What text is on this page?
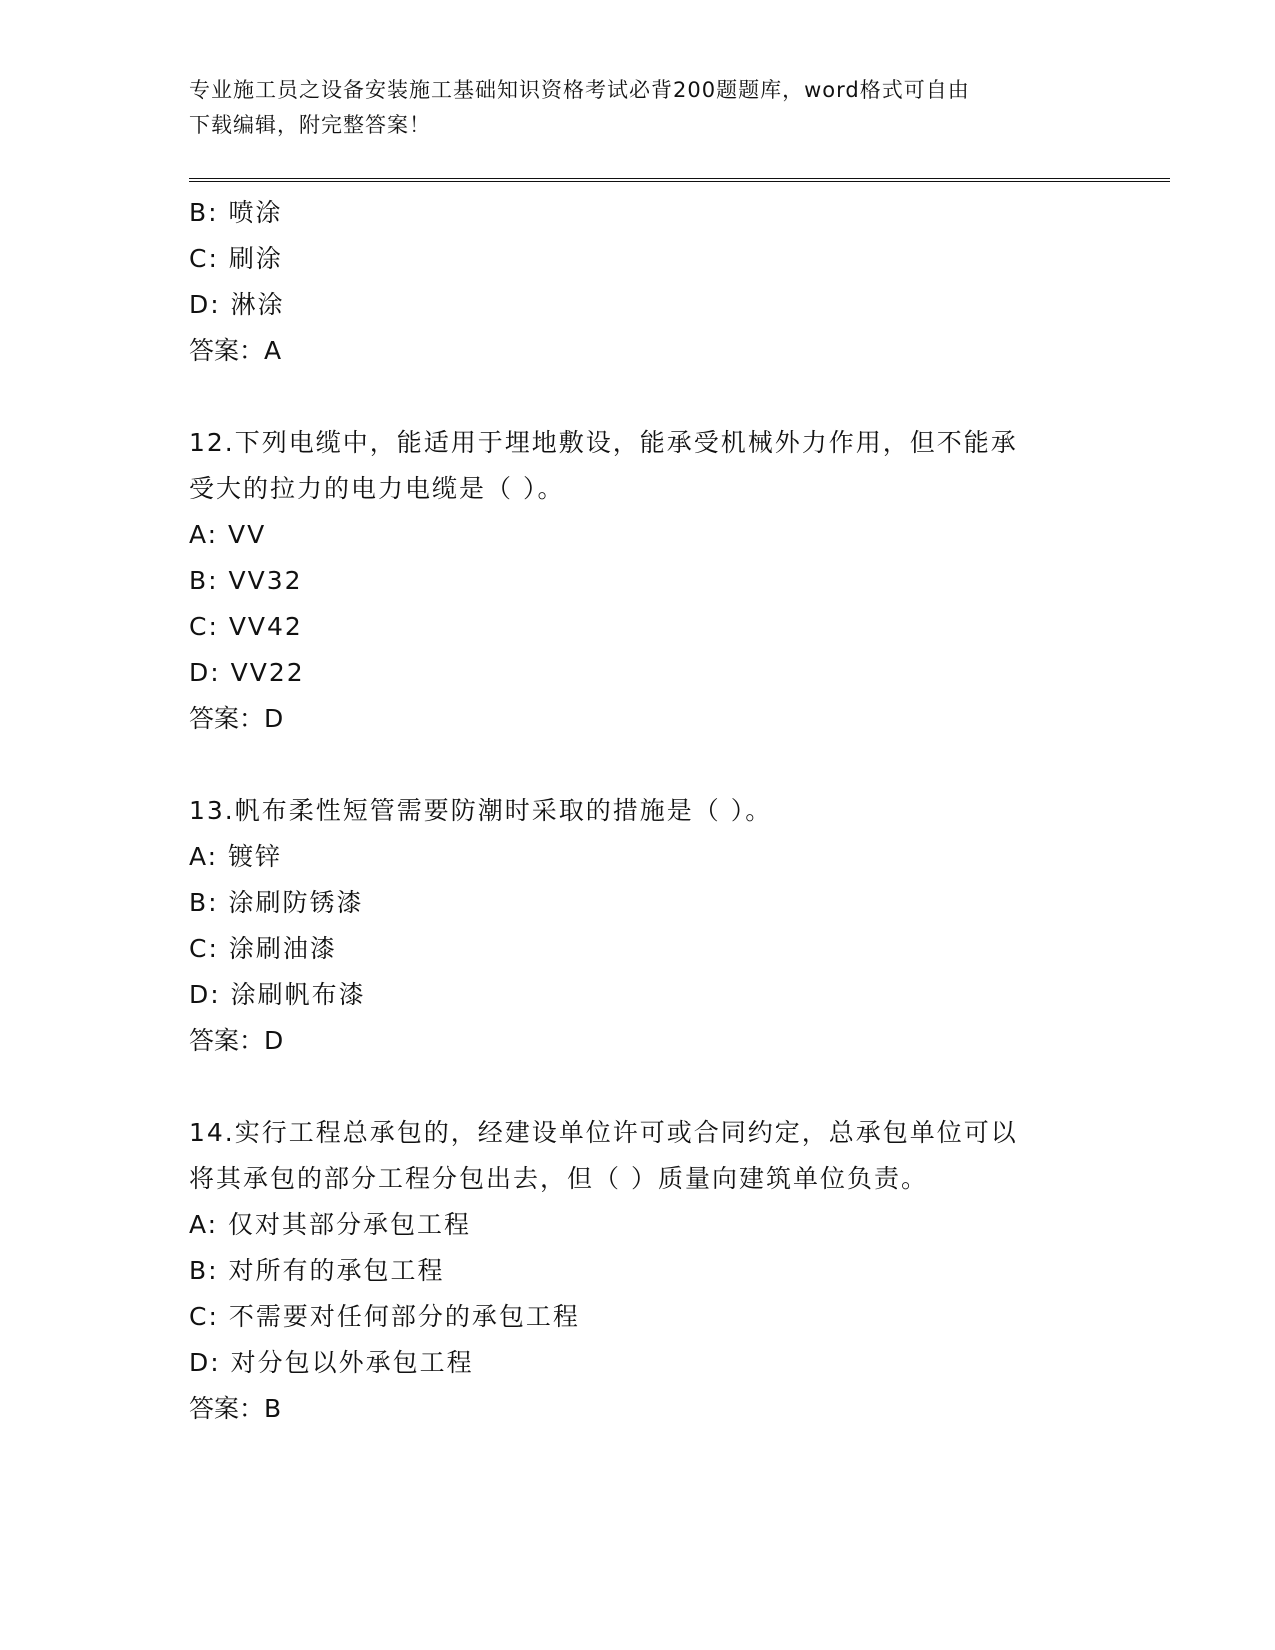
专业施工员之设备安装施工基础知识资格考试必背200题题库，word格式可自由
下载编辑，附完整答案！
B: 喷涂
C: 刷涂
D: 淋涂
答案：A
12.下列电缆中，能适用于埋地敷设，能承受机械外力作用，但不能承
受大的拉力的电力电缆是（ ）。
A: VV
B: VV32
C: VV42
D: VV22
答案：D
13.帆布柔性短管需要防潮时采取的措施是（ ）。
A: 镀锌
B: 涂刷防锈漆
C: 涂刷油漆
D: 涂刷帆布漆
答案：D
14.实行工程总承包的，经建设单位许可或合同约定，总承包单位可以
将其承包的部分工程分包出去，但（ ）质量向建筑单位负责。
A: 仅对其部分承包工程
B: 对所有的承包工程
C: 不需要对任何部分的承包工程
D: 对分包以外承包工程
答案：B
